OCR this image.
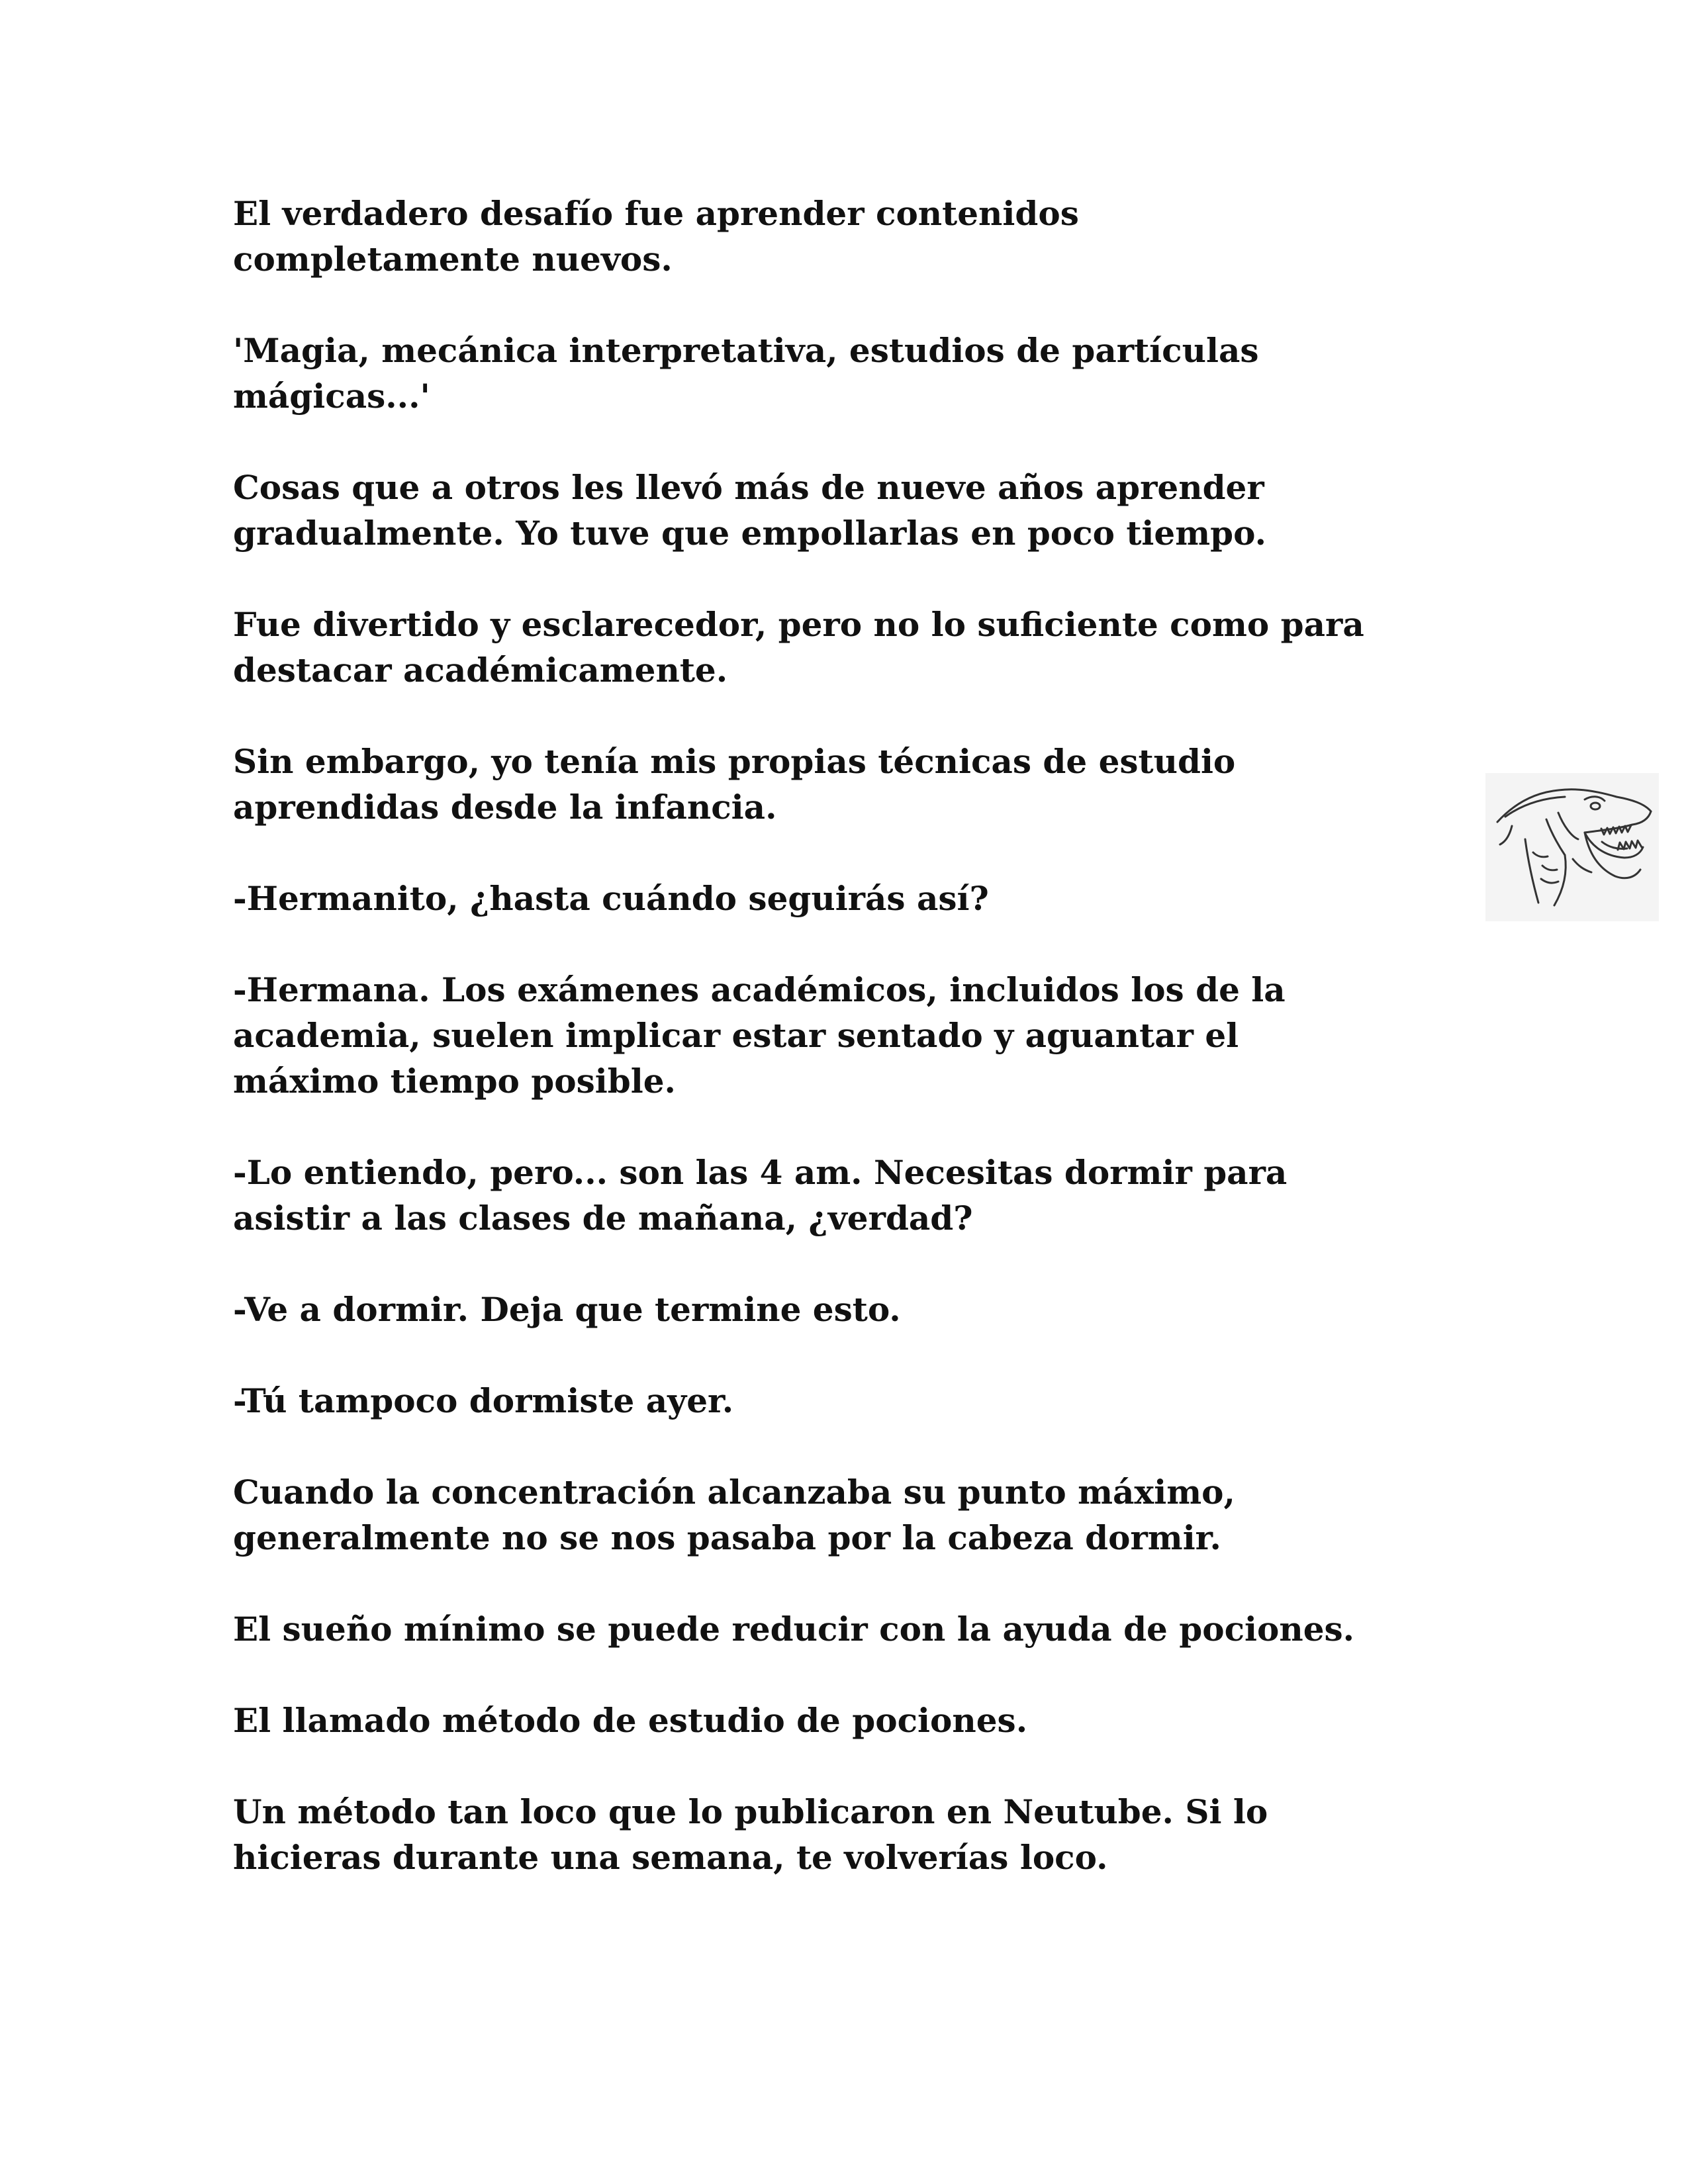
El verdadero desafío fue aprender contenidos
completamente nuevos.

'Magia, mecánica interpretativa, estudios de partículas
mágicas...'

Cosas que a otros les llevó más de nueve años aprender
gradualmente. Yo tuve que empollarlas en poco tiempo.

Fue divertido y esclarecedor, pero no lo suficiente como para
destacar académicamente.

Sin embargo, yo tenía mis propias técnicas de estudio
aprendidas desde la infancia.

-Hermanito, ¿hasta cuándo seguirás así?

-Hermana. Los exámenes académicos, incluidos los de la
academia, suelen implicar estar sentado y aguantar el
máximo tiempo posible.

-Lo entiendo, pero... son las 4 am. Necesitas dormir para
asistir a las clases de mañana, ¿verdad?

-Ve a dormir. Deja que termine esto.

-Tú tampoco dormiste ayer.

Cuando la concentración alcanzaba su punto máximo,
generalmente no se nos pasaba por la cabeza dormir.

El sueño mínimo se puede reducir con la ayuda de pociones.

El llamado método de estudio de pociones.

Un método tan loco que lo publicaron en Neutube. Si lo
hicieras durante una semana, te volverías loco.
